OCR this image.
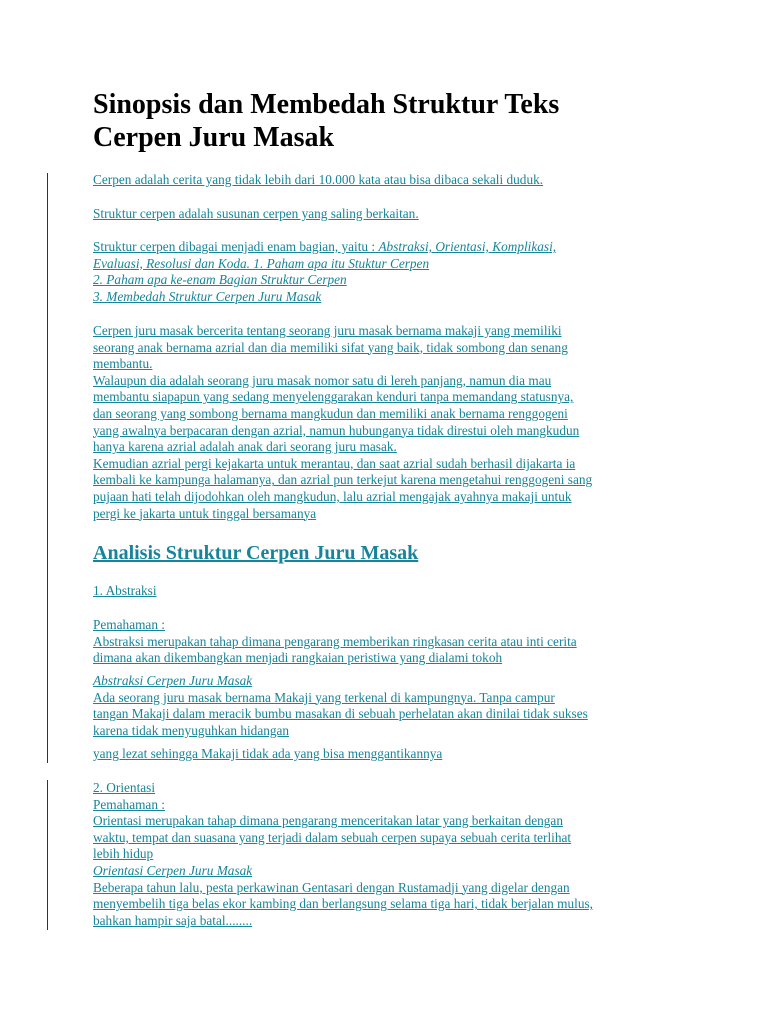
Sinopsis dan Membedah Struktur Teks
Cerpen Juru Masak

Cerpen adalah cerita yang tidak lebih dari 10.000 kata atau bisa dibaca sekali duduk.

Struktur cerpen adalah susunan cerpen yang saling berkaitan.

Struktur cerpen dibagai menjadi enam bagian, yaitu : Abstraksi, Orientasi, Komplikasi,
Evaluasi, Resolusi dan Koda. 1. Paham apa itu Stuktur Cerpen
2. Paham apa ke-enam Bagian Struktur Cerpen
3. Membedah Struktur Cerpen Juru Masak

Cerpen juru masak bercerita tentang seorang juru masak bernama makaji yang memiliki
seorang anak bernama azrial dan dia memiliki sifat yang baik, tidak sombong dan senang
membantu.
Walaupun dia adalah seorang juru masak nomor satu di lereh panjang, namun dia mau
membantu siapapun yang sedang menyelenggarakan kenduri tanpa memandang statusnya,
dan seorang yang sombong bernama mangkudun dan memiliki anak bernama renggogeni
yang awalnya berpacaran dengan azrial, namun hubunganya tidak direstui oleh mangkudun
hanya karena azrial adalah anak dari seorang juru masak.
Kemudian azrial pergi kejakarta untuk merantau, dan saat azrial sudah berhasil dijakarta ia
kembali ke kampunga halamanya, dan azrial pun terkejut karena mengetahui renggogeni sang
pujaan hati telah dijodohkan oleh mangkudun, lalu azrial mengajak ayahnya makaji untuk
pergi ke jakarta untuk tinggal bersamanya

Analisis Struktur Cerpen Juru Masak

1. Abstraksi

Pemahaman :
Abstraksi merupakan tahap dimana pengarang memberikan ringkasan cerita atau inti cerita
dimana akan dikembangkan menjadi rangkaian peristiwa yang dialami tokoh

Abstraksi Cerpen Juru Masak
Ada seorang juru masak bernama Makaji yang terkenal di kampungnya. Tanpa campur
tangan Makaji dalam meracik bumbu masakan di sebuah perhelatan akan dinilai tidak sukses
karena tidak menyuguhkan hidangan

yang lezat sehingga Makaji tidak ada yang bisa menggantikannya

2. Orientasi
Pemahaman :
Orientasi merupakan tahap dimana pengarang menceritakan latar yang berkaitan dengan
waktu, tempat dan suasana yang terjadi dalam sebuah cerpen supaya sebuah cerita terlihat
lebih hidup
Orientasi Cerpen Juru Masak
Beberapa tahun lalu, pesta perkawinan Gentasari dengan Rustamadji yang digelar dengan
menyembelih tiga belas ekor kambing dan berlangsung selama tiga hari, tidak berjalan mulus,
bahkan hampir saja batal........
